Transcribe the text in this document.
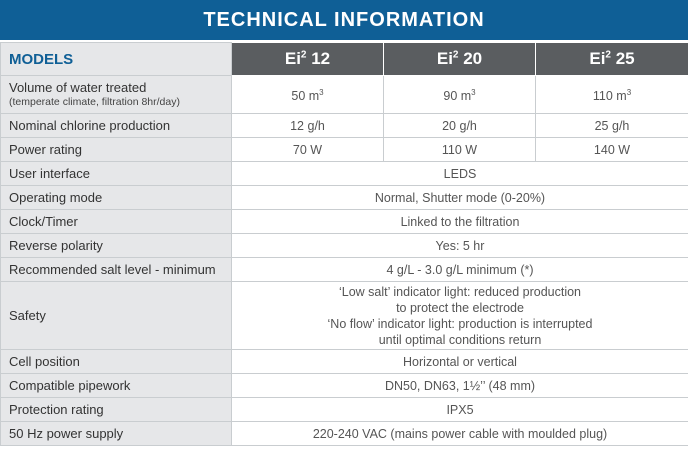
TECHNICAL INFORMATION
MODELS	Ei$^2$ 12	Ei$^2$ 20	Ei$^2$ 25
Volume of water treated
(temperate climate, filtration 8hr/day)	50 $m^3$	90 $m^3$	110 $m^3$
Nominal chlorine production	12 g/h	20 g/h	25 g/h
Power rating	70 W	110 W	140 W
User interface	LEDS		
Operating mode	Normal, Shutter mode (0-20%)		
Clock/Timer	Linked to the filtration		
Reverse polarity	Yes: 5 hr		
Recommended salt level - minimum	4 g/L - 3.0 g/L minimum (*)		
Safety	‘Low salt’ indicator light: reduced production
to protect the electrode
‘No flow’ indicator light: production is interrupted
until optimal conditions return		

Cell position	Horizontal or vertical		
Compatible pipework	DN50, DN63, 1½’’ (48 mm)		
Protection rating	IPX5		
50 Hz power supply	220-240 VAC (mains power cable with moulded plug)		
